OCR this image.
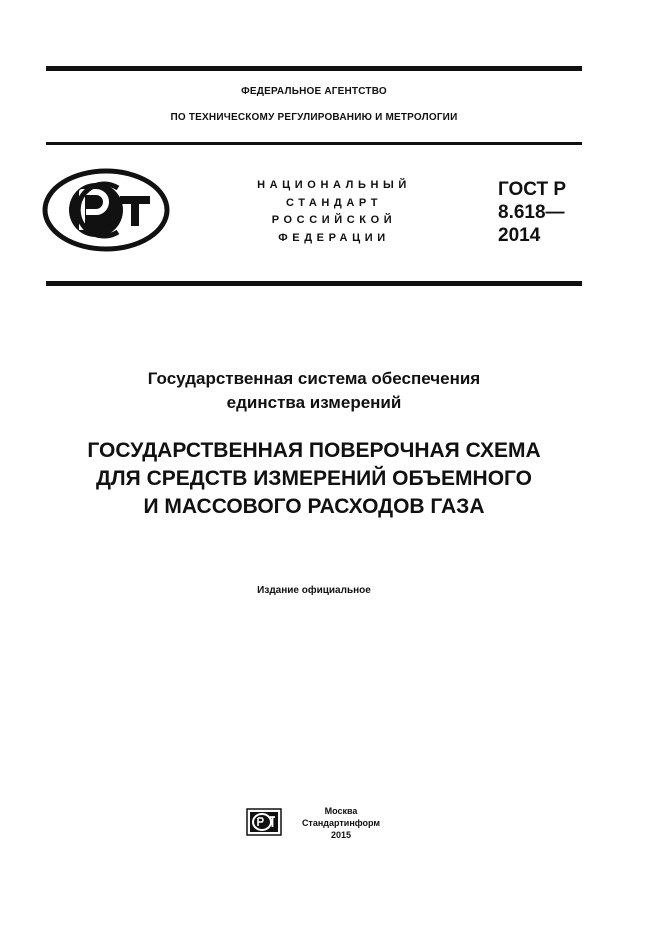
ФЕДЕРАЛЬНОЕ АГЕНТСТВО
ПО ТЕХНИЧЕСКОМУ РЕГУЛИРОВАНИЮ И МЕТРОЛОГИИ
НАЦИОНАЛЬНЫЙ
СТАНДАРТ
РОССИЙСКОЙ
ФЕДЕРАЦИИ
ГОСТ Р
8.618—
2014
Государственная система обеспечения
единства измерений
ГОСУДАРСТВЕННАЯ ПОВЕРОЧНАЯ СХЕМА
ДЛЯ СРЕДСТВ ИЗМЕРЕНИЙ ОБЪЕМНОГО
И МАССОВОГО РАСХОДОВ ГАЗА
Издание официальное
Москва
Стандартинформ
2015
